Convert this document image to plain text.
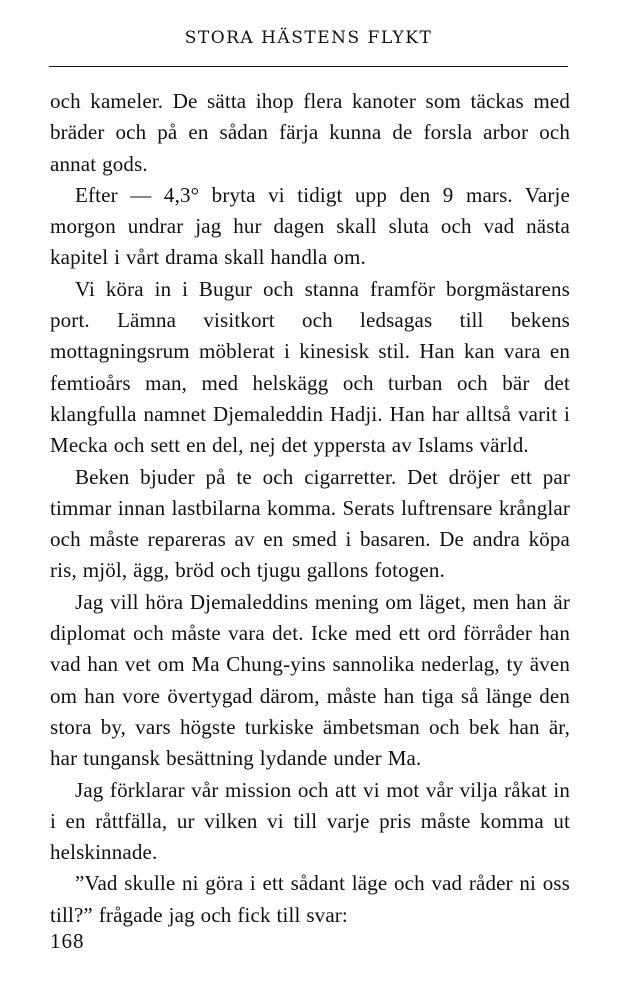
STORA HÄSTENS FLYKT

och kameler. De sätta ihop flera kanoter som täckas med bräder och på en sådan färja kunna de forsla arbor och annat gods.

Efter — 4,3° bryta vi tidigt upp den 9 mars. Varje morgon undrar jag hur dagen skall sluta och vad nästa kapitel i vårt drama skall handla om.

Vi köra in i Bugur och stanna framför borgmästarens port. Lämna visitkort och ledsagas till bekens mottagningsrum möblerat i kinesisk stil. Han kan vara en femtioårs man, med helskägg och turban och bär det klangfulla namnet Djemaleddin Hadji. Han har alltså varit i Mecka och sett en del, nej det yppersta av Islams värld.

Beken bjuder på te och cigarretter. Det dröjer ett par timmar innan lastbilarna komma. Serats luftrensare krånglar och måste repareras av en smed i basaren. De andra köpa ris, mjöl, ägg, bröd och tjugu gallons fotogen.

Jag vill höra Djemaleddins mening om läget, men han är diplomat och måste vara det. Icke med ett ord förråder han vad han vet om Ma Chung-yins sannolika nederlag, ty även om han vore övertygad därom, måste han tiga så länge den stora by, vars högste turkiske ämbetsman och bek han är, har tungansk besättning lydande under Ma.

Jag förklarar vår mission och att vi mot vår vilja råkat in i en råttfälla, ur vilken vi till varje pris måste komma ut helskinnade.

”Vad skulle ni göra i ett sådant läge och vad råder ni oss till?” frågade jag och fick till svar:

168
